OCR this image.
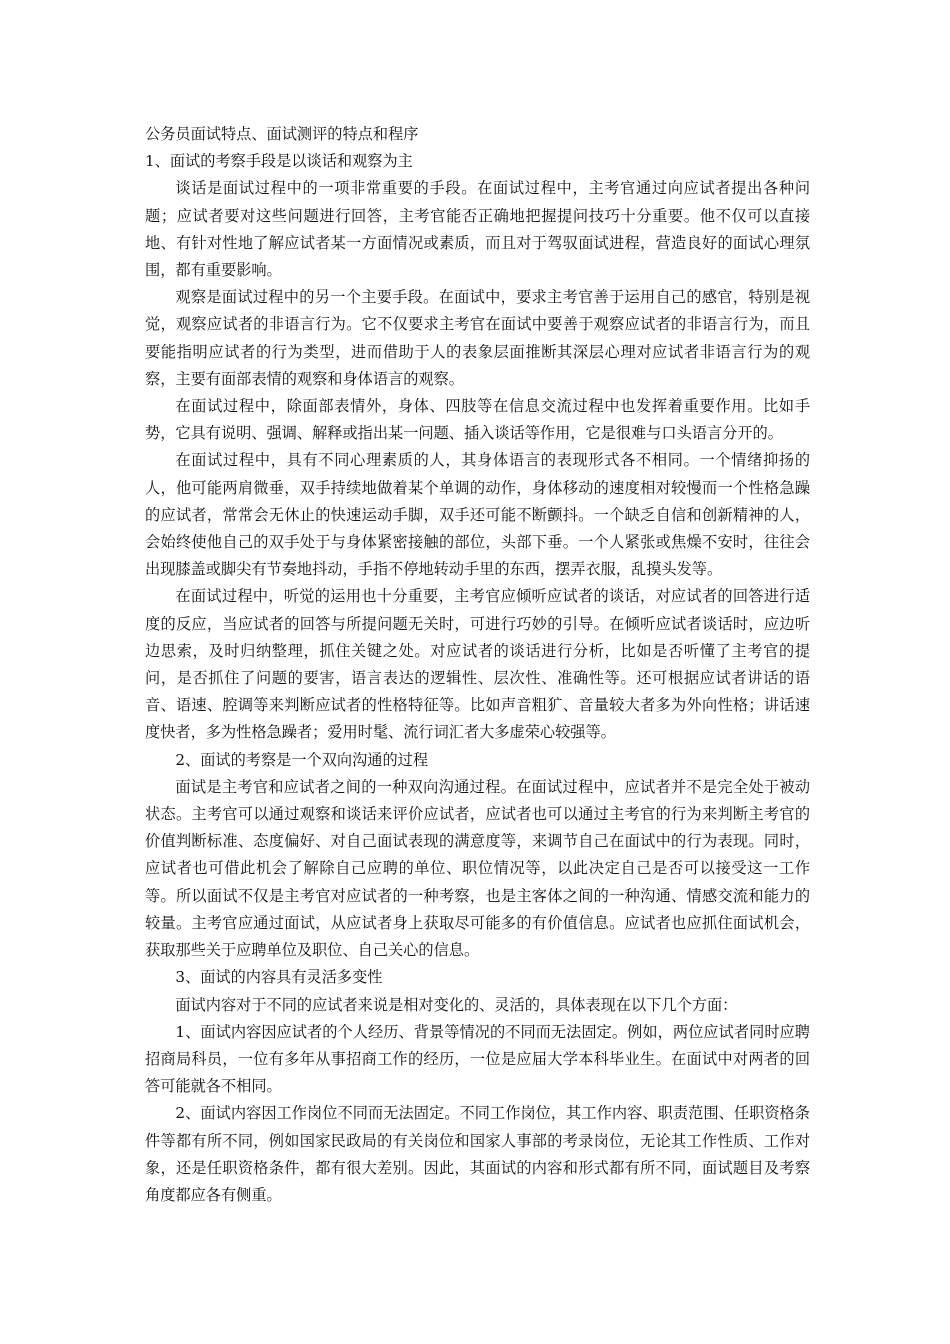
公务员面试特点、面试测评的特点和程序

1、面试的考察手段是以谈话和观察为主

谈话是面试过程中的一项非常重要的手段。在面试过程中，主考官通过向应试者提出各种问题；应试者要对这些问题进行回答，主考官能否正确地把握提问技巧十分重要。他不仅可以直接地、有针对性地了解应试者某一方面情况或素质，而且对于驾驭面试进程，营造良好的面试心理氛围，都有重要影响。

观察是面试过程中的另一个主要手段。在面试中，要求主考官善于运用自己的感官，特别是视觉，观察应试者的非语言行为。它不仅要求主考官在面试中要善于观察应试者的非语言行为，而且要能指明应试者的行为类型，进而借助于人的表象层面推断其深层心理对应试者非语言行为的观察，主要有面部表情的观察和身体语言的观察。

在面试过程中，除面部表情外，身体、四肢等在信息交流过程中也发挥着重要作用。比如手势，它具有说明、强调、解释或指出某一问题、插入谈话等作用，它是很难与口头语言分开的。

在面试过程中，具有不同心理素质的人，其身体语言的表现形式各不相同。一个情绪抑扬的人，他可能两肩微垂，双手持续地做着某个单调的动作，身体移动的速度相对较慢而一个性格急躁的应试者，常常会无休止的快速运动手脚，双手还可能不断颤抖。一个缺乏自信和创新精神的人，会始终使他自己的双手处于与身体紧密接触的部位，头部下垂。一个人紧张或焦燥不安时，往往会出现膝盖或脚尖有节奏地抖动，手指不停地转动手里的东西，摆弄衣服，乱摸头发等。

在面试过程中，听觉的运用也十分重要，主考官应倾听应试者的谈话，对应试者的回答进行适度的反应，当应试者的回答与所提问题无关时，可进行巧妙的引导。在倾听应试者谈话时，应边听边思索，及时归纳整理，抓住关键之处。对应试者的谈话进行分析，比如是否听懂了主考官的提问，是否抓住了问题的要害，语言表达的逻辑性、层次性、准确性等。还可根据应试者讲话的语音、语速、腔调等来判断应试者的性格特征等。比如声音粗犷、音量较大者多为外向性格；讲话速度快者，多为性格急躁者；爱用时髦、流行词汇者大多虚荣心较强等。

2、面试的考察是一个双向沟通的过程

面试是主考官和应试者之间的一种双向沟通过程。在面试过程中，应试者并不是完全处于被动状态。主考官可以通过观察和谈话来评价应试者，应试者也可以通过主考官的行为来判断主考官的价值判断标准、态度偏好、对自己面试表现的满意度等，来调节自己在面试中的行为表现。同时，应试者也可借此机会了解除自己应聘的单位、职位情况等，以此决定自己是否可以接受这一工作等。所以面试不仅是主考官对应试者的一种考察，也是主客体之间的一种沟通、情感交流和能力的较量。主考官应通过面试，从应试者身上获取尽可能多的有价值信息。应试者也应抓住面试机会，获取那些关于应聘单位及职位、自己关心的信息。

3、面试的内容具有灵活多变性

面试内容对于不同的应试者来说是相对变化的、灵活的，具体表现在以下几个方面：

1、面试内容因应试者的个人经历、背景等情况的不同而无法固定。例如，两位应试者同时应聘招商局科员，一位有多年从事招商工作的经历，一位是应届大学本科毕业生。在面试中对两者的回答可能就各不相同。

2、面试内容因工作岗位不同而无法固定。不同工作岗位，其工作内容、职责范围、任职资格条件等都有所不同，例如国家民政局的有关岗位和国家人事部的考录岗位，无论其工作性质、工作对象，还是任职资格条件，都有很大差别。因此，其面试的内容和形式都有所不同，面试题目及考察角度都应各有侧重。
